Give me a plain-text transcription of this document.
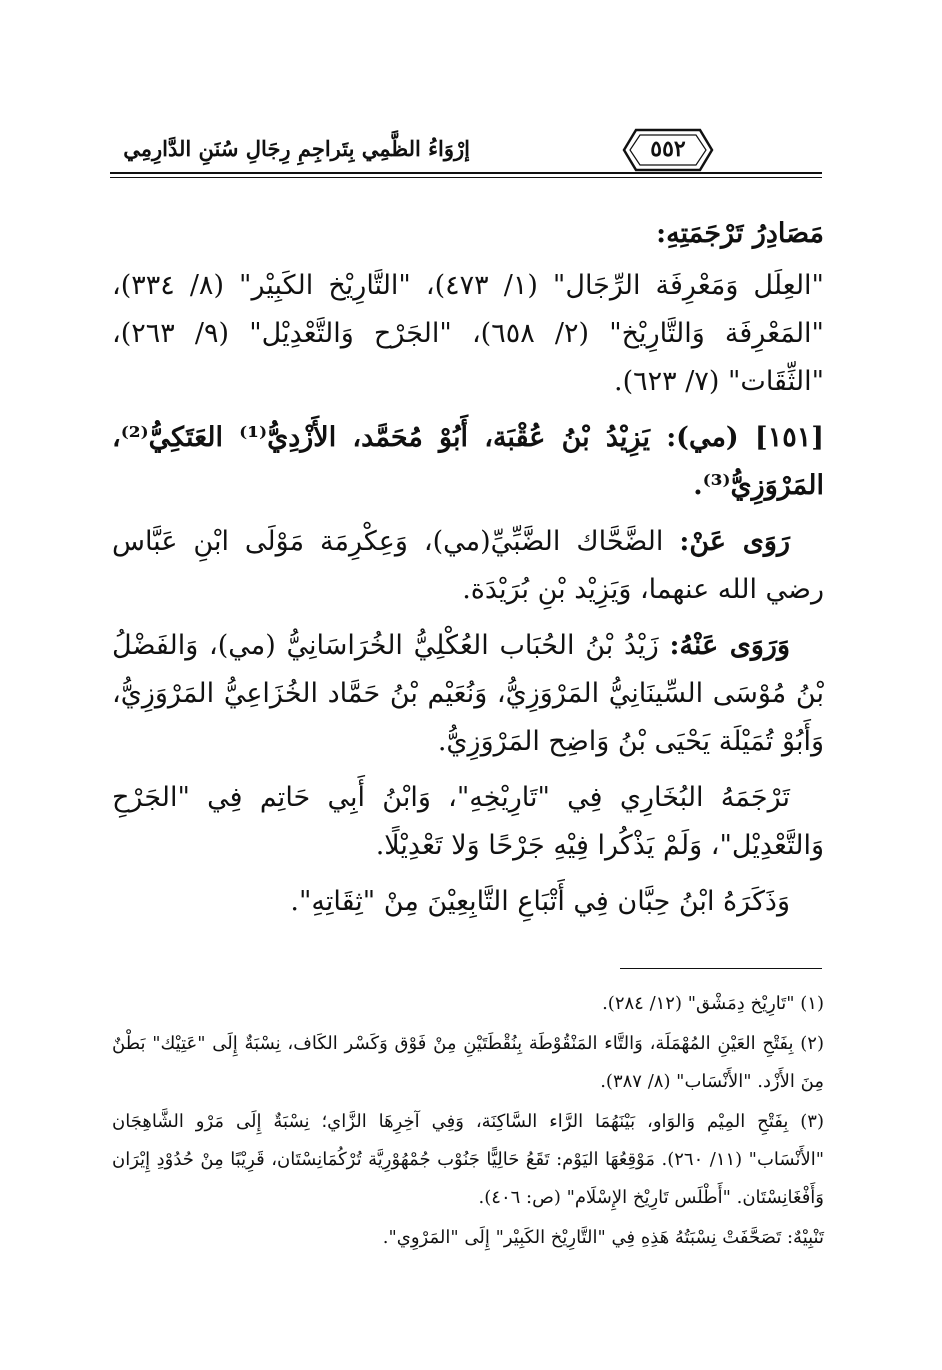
إرْوَاءُ الظَّمِي بِتَراجِمِ رِجَالِ سُنَنِ الدَّارِمِي	٥٥٢

مَصَادِرُ تَرْجَمَتِهِ:

"العِلَل وَمَعْرِفَة الرِّجَال" (١/ ٤٧٣)، "التَّارِيْخ الكَبِيْر" (٨/ ٣٣٤)، "المَعْرِفَة وَالتَّارِيْخ" (٢/ ٦٥٨)، "الجَرْح وَالتَّعْدِيْل" (٩/ ٢٦٣)، "الثِّقَات" (٧/ ٦٢٣).

[١٥١] (مي): يَزِيْدُ بْنُ عُقْبَة، أَبُوْ مُحَمَّد، الأَزْدِيُّ⁽¹⁾ العَتَكِيُّ⁽²⁾، المَرْوَزِيُّ⁽³⁾.

رَوَى عَنْ: الضَّحَّاك الضَّبِّيِّ(مي)، وَعِكْرِمَة مَوْلَى ابْنِ عَبَّاس رضي الله عنهما، وَيَزِيْد بْنِ بُرَيْدَة.

وَرَوَى عَنْهُ: زَيْدُ بْنُ الحُبَاب العُكْلِيُّ الخُرَاسَانِيُّ (مي)، وَالفَضْلُ بْنُ مُوْسَى السِّينَانِيُّ المَرْوَزِيُّ، وَنُعَيْم بْنُ حَمَّاد الخُزَاعِيُّ المَرْوَزِيُّ، وَأَبُوْ تُمَيْلَة يَحْيَى بْنُ وَاضِح المَرْوَزِيُّ.

تَرْجَمَهُ البُخَارِي فِي "تَارِيْخِهِ"، وَابْنُ أَبِي حَاتِم فِي "الجَرْحِ وَالتَّعْدِيْل"، وَلَمْ يَذْكُرا فِيْهِ جَرْحًا وَلا تَعْدِيْلًا.

وَذَكَرَهُ ابْنُ حِبَّان فِي أَتْبَاعِ التَّابِعِيْنَ مِنْ "ثِقَاتِهِ".

(١) "تَارِيْخ دِمَشْق" (١٢/ ٢٨٤).

(٢) بِفَتْحِ العَيْنِ المُهْمَلَة، وَالتَّاء المَنْقُوْطَة بِنُقْطَتَيْنِ مِنْ فَوْق وَكَسْر الكَاف، نِسْبَةٌ إِلَى "عَتِيْك" بَطْنٌ مِنَ الأَزْد. "الأَنْسَاب" (٨/ ٣٨٧).

(٣) بِفَتْحِ المِيْم وَالوَاو، بَيْنَهُمَا الرَّاء السَّاكِنَة، وَفِي آخِرِهَا الزَّاي؛ نِسْبَةٌ إِلَى مَرْو الشَّاهِجَان "الأَنْسَاب" (١١/ ٢٦٠). مَوْقِعُهَا اليَوْم: تَقَعُ حَالِيًّا جَنُوْب جُمْهُوْرِيَّة تُرْكُمَانِسْتَان، قَرِيْبًا مِنْ حُدُوْدِ إِيْرَان وَأَفْغَانِسْتَان. "أَطْلَس تَارِيْخ الإِسْلَام" (ص: ٤٠٦).

تَنْبِيْهٌ: تَصَحَّفَتْ نِسْبَتُهُ هَذِهِ فِي "التَّارِيْخ الكَبِيْر" إِلَى "المَرْوِي".
